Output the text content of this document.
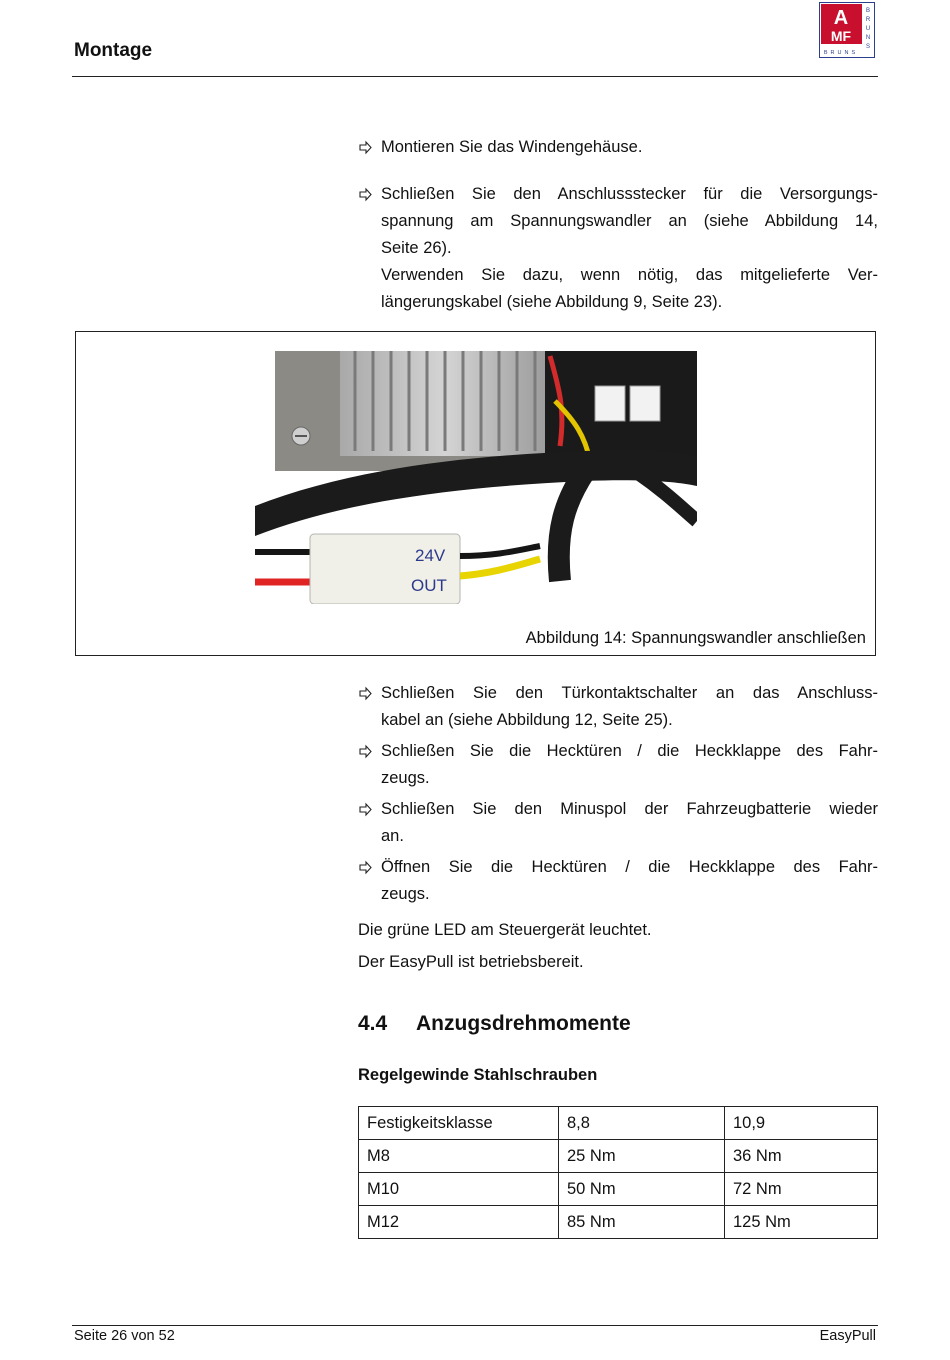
Montage
A
MF
B
R
U
N
S
BRUNS
Montieren Sie das Windengehäuse.
Schließen Sie den Anschlussstecker für die Versorgungs-
spannung am Spannungswandler an (siehe Abbildung 14,
Seite 26).
Verwenden Sie dazu, wenn nötig, das mitgelieferte Ver-
längerungskabel (siehe Abbildung 9, Seite 23).
24V
OUT
Abbildung 14: Spannungswandler anschließen
Schließen Sie den Türkontaktschalter an das Anschluss-
kabel an (siehe Abbildung 12, Seite 25).
Schließen Sie die Hecktüren / die Heckklappe des Fahr-
zeugs.
Schließen Sie den Minuspol der Fahrzeugbatterie wieder
an.
Öffnen Sie die Hecktüren / die Heckklappe des Fahr-
zeugs.
Die grüne LED am Steuergerät leuchtet.
Der EasyPull ist betriebsbereit.
4.4 Anzugsdrehmomente
Regelgewinde Stahlschrauben
Festigkeitsklasse	8,8	10,9
M8	25 Nm	36 Nm
M10	50 Nm	72 Nm
M12	85 Nm	125 Nm
Seite 26 von 52	EasyPull
